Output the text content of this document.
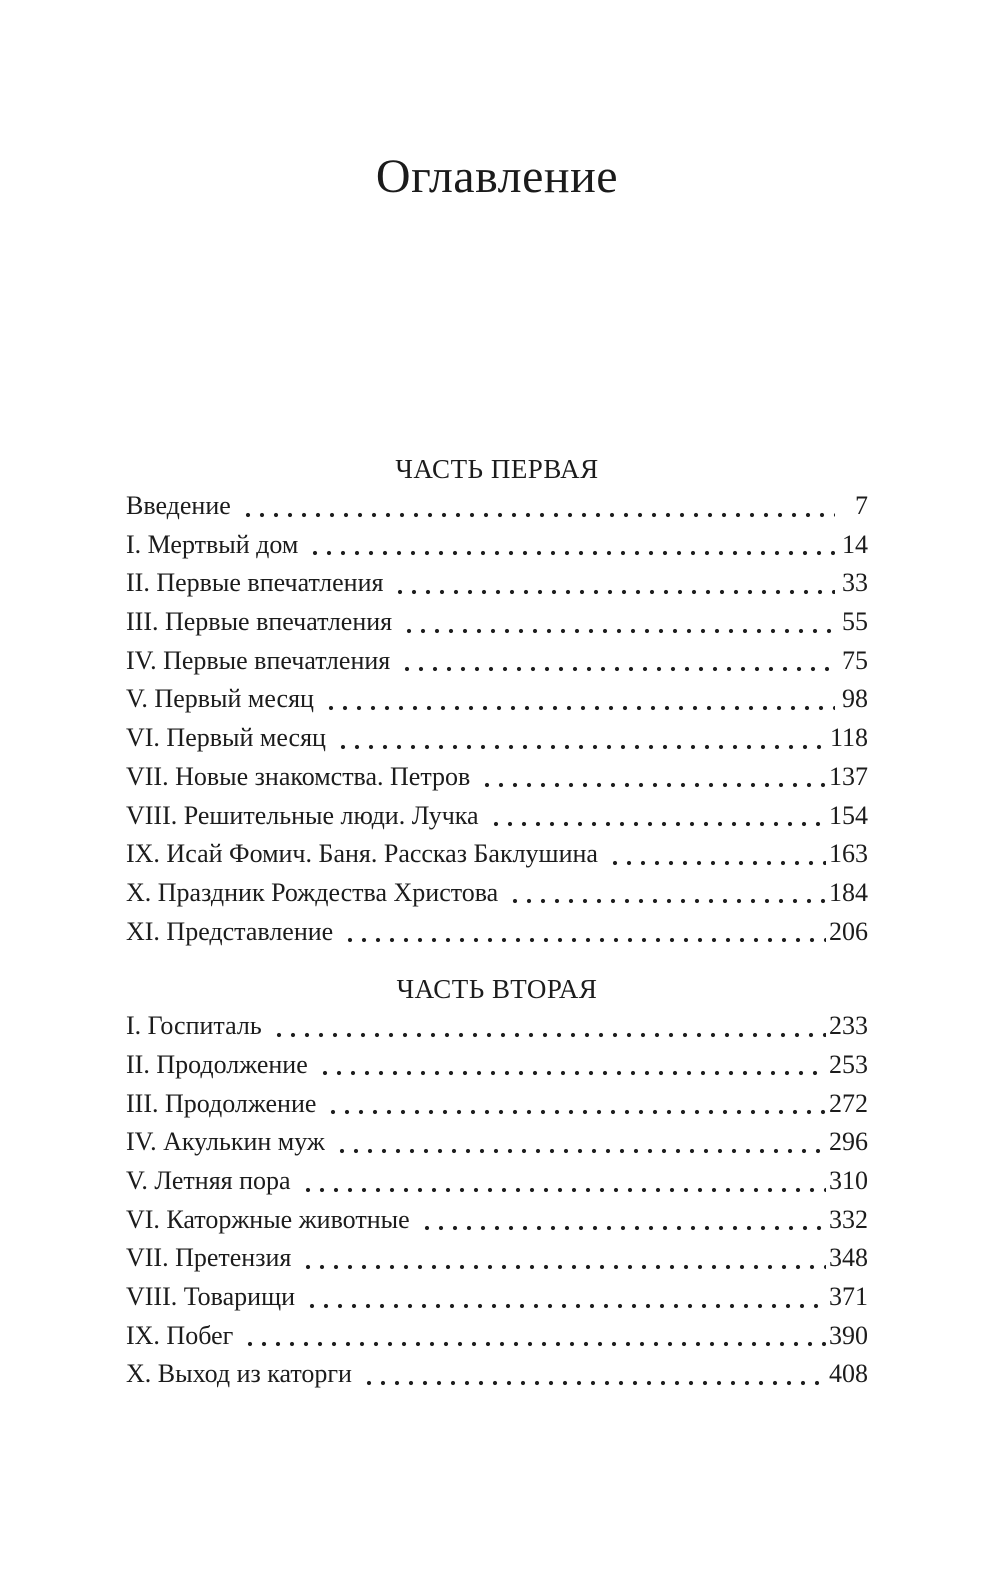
Оглавление
ЧАСТЬ ПЕРВАЯ
Введение	7
I. Мертвый дом	14
II. Первые впечатления	33
III. Первые впечатления	55
IV. Первые впечатления	75
V. Первый месяц	98
VI. Первый месяц	118
VII. Новые знакомства. Петров	137
VIII. Решительные люди. Лучка	154
IX. Исай Фомич. Баня. Рассказ Баклушина	163
X. Праздник Рождества Христова	184
XI. Представление	206
ЧАСТЬ ВТОРАЯ
I. Госпиталь	233
II. Продолжение	253
III. Продолжение	272
IV. Акулькин муж	296
V. Летняя пора	310
VI. Каторжные животные	332
VII. Претензия	348
VIII. Товарищи	371
IX. Побег	390
X. Выход из каторги	408
